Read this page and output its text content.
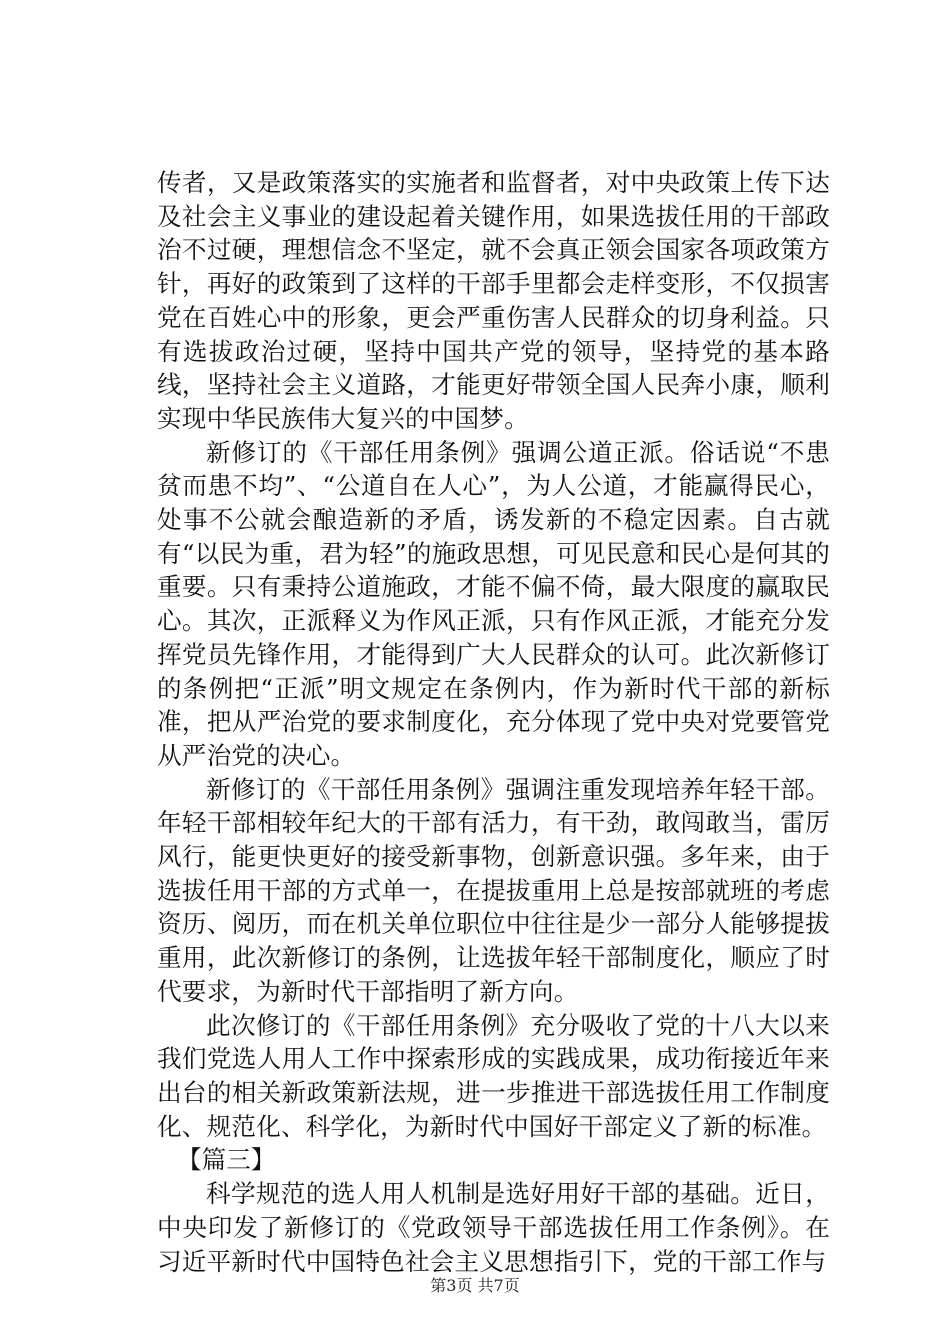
传者，又是政策落实的实施者和监督者，对中央政策上传下达及社会主义事业的建设起着关键作用，如果选拔任用的干部政治不过硬，理想信念不坚定，就不会真正领会国家各项政策方针，再好的政策到了这样的干部手里都会走样变形，不仅损害党在百姓心中的形象，更会严重伤害人民群众的切身利益。只有选拔政治过硬，坚持中国共产党的领导，坚持党的基本路线，坚持社会主义道路，才能更好带领全国人民奔小康，顺利实现中华民族伟大复兴的中国梦。

新修订的《干部任用条例》强调公道正派。俗话说“不患贫而患不均”、“公道自在人心”，为人公道，才能赢得民心，处事不公就会酿造新的矛盾，诱发新的不稳定因素。自古就有“以民为重，君为轻”的施政思想，可见民意和民心是何其的重要。只有秉持公道施政，才能不偏不倚，最大限度的赢取民心。其次，正派释义为作风正派，只有作风正派，才能充分发挥党员先锋作用，才能得到广大人民群众的认可。此次新修订的条例把“正派”明文规定在条例内，作为新时代干部的新标准，把从严治党的要求制度化，充分体现了党中央对党要管党从严治党的决心。

新修订的《干部任用条例》强调注重发现培养年轻干部。年轻干部相较年纪大的干部有活力，有干劲，敢闯敢当，雷厉风行，能更快更好的接受新事物，创新意识强。多年来，由于选拔任用干部的方式单一，在提拔重用上总是按部就班的考虑资历、阅历，而在机关单位职位中往往是少一部分人能够提拔重用，此次新修订的条例，让选拔年轻干部制度化，顺应了时代要求，为新时代干部指明了新方向。

此次修订的《干部任用条例》充分吸收了党的十八大以来我们党选人用人工作中探索形成的实践成果，成功衔接近年来出台的相关新政策新法规，进一步推进干部选拔任用工作制度化、规范化、科学化，为新时代中国好干部定义了新的标准。

【篇三】

科学规范的选人用人机制是选好用好干部的基础。近日，中央印发了新修订的《党政领导干部选拔任用工作条例》。在习近平新时代中国特色社会主义思想指引下，党的干部工作与

第3页 共7页
